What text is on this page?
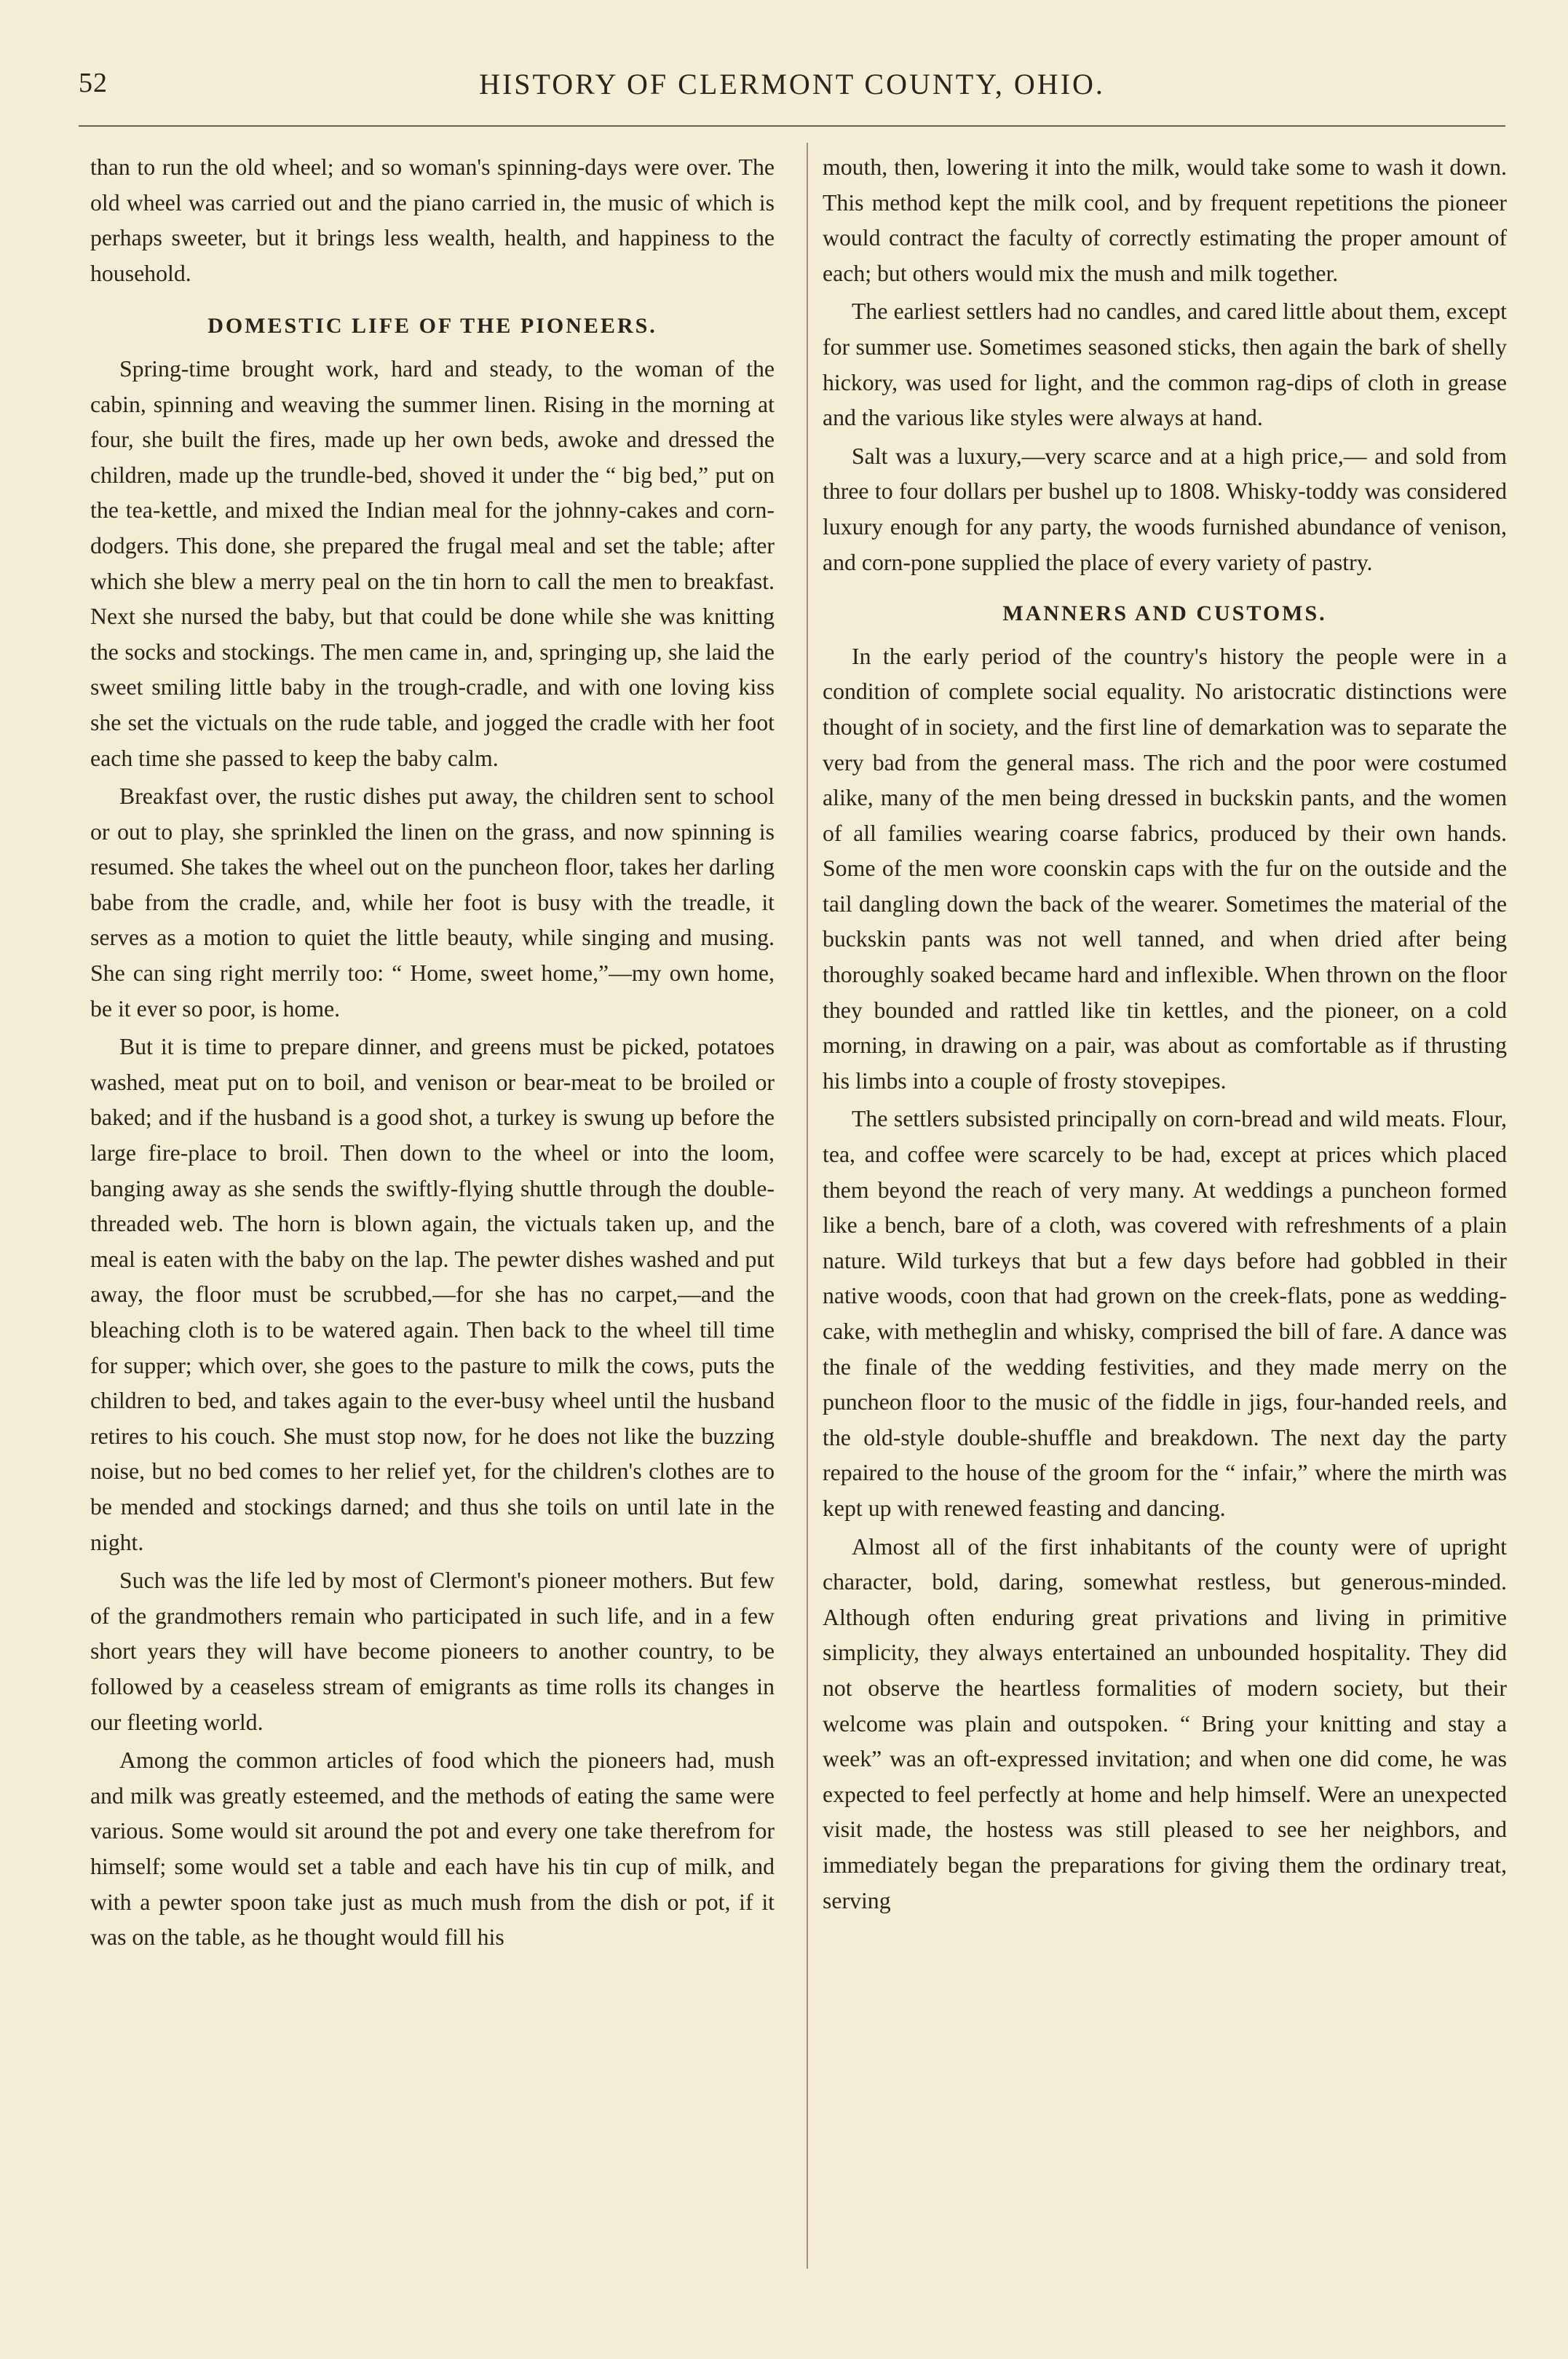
52	HISTORY OF CLERMONT COUNTY, OHIO.

than to run the old wheel; and so woman's spinning-days were over. The old wheel was carried out and the piano carried in, the music of which is perhaps sweeter, but it brings less wealth, health, and happiness to the household.

DOMESTIC LIFE OF THE PIONEERS.

Spring-time brought work, hard and steady, to the woman of the cabin, spinning and weaving the summer linen. Rising in the morning at four, she built the fires, made up her own beds, awoke and dressed the children, made up the trundle-bed, shoved it under the “ big bed,” put on the tea-kettle, and mixed the Indian meal for the johnny-cakes and corn-dodgers. This done, she prepared the frugal meal and set the table; after which she blew a merry peal on the tin horn to call the men to breakfast. Next she nursed the baby, but that could be done while she was knitting the socks and stockings. The men came in, and, springing up, she laid the sweet smiling little baby in the trough-cradle, and with one loving kiss she set the victuals on the rude table, and jogged the cradle with her foot each time she passed to keep the baby calm.

Breakfast over, the rustic dishes put away, the children sent to school or out to play, she sprinkled the linen on the grass, and now spinning is resumed. She takes the wheel out on the puncheon floor, takes her darling babe from the cradle, and, while her foot is busy with the treadle, it serves as a motion to quiet the little beauty, while singing and musing. She can sing right merrily too: “ Home, sweet home,”—my own home, be it ever so poor, is home.

But it is time to prepare dinner, and greens must be picked, potatoes washed, meat put on to boil, and venison or bear-meat to be broiled or baked; and if the husband is a good shot, a turkey is swung up before the large fire-place to broil. Then down to the wheel or into the loom, banging away as she sends the swiftly-flying shuttle through the double-threaded web. The horn is blown again, the victuals taken up, and the meal is eaten with the baby on the lap. The pewter dishes washed and put away, the floor must be scrubbed,—for she has no carpet,—and the bleaching cloth is to be watered again. Then back to the wheel till time for supper; which over, she goes to the pasture to milk the cows, puts the children to bed, and takes again to the ever-busy wheel until the husband retires to his couch. She must stop now, for he does not like the buzzing noise, but no bed comes to her relief yet, for the children's clothes are to be mended and stockings darned; and thus she toils on until late in the night.

Such was the life led by most of Clermont's pioneer mothers. But few of the grandmothers remain who participated in such life, and in a few short years they will have become pioneers to another country, to be followed by a ceaseless stream of emigrants as time rolls its changes in our fleeting world.

Among the common articles of food which the pioneers had, mush and milk was greatly esteemed, and the methods of eating the same were various. Some would sit around the pot and every one take therefrom for himself; some would set a table and each have his tin cup of milk, and with a pewter spoon take just as much mush from the dish or pot, if it was on the table, as he thought would fill his

mouth, then, lowering it into the milk, would take some to wash it down. This method kept the milk cool, and by frequent repetitions the pioneer would contract the faculty of correctly estimating the proper amount of each; but others would mix the mush and milk together.

The earliest settlers had no candles, and cared little about them, except for summer use. Sometimes seasoned sticks, then again the bark of shelly hickory, was used for light, and the common rag-dips of cloth in grease and the various like styles were always at hand.

Salt was a luxury,—very scarce and at a high price,— and sold from three to four dollars per bushel up to 1808. Whisky-toddy was considered luxury enough for any party, the woods furnished abundance of venison, and corn-pone supplied the place of every variety of pastry.

MANNERS AND CUSTOMS.

In the early period of the country's history the people were in a condition of complete social equality. No aristocratic distinctions were thought of in society, and the first line of demarkation was to separate the very bad from the general mass. The rich and the poor were costumed alike, many of the men being dressed in buckskin pants, and the women of all families wearing coarse fabrics, produced by their own hands. Some of the men wore coonskin caps with the fur on the outside and the tail dangling down the back of the wearer. Sometimes the material of the buckskin pants was not well tanned, and when dried after being thoroughly soaked became hard and inflexible. When thrown on the floor they bounded and rattled like tin kettles, and the pioneer, on a cold morning, in drawing on a pair, was about as comfortable as if thrusting his limbs into a couple of frosty stovepipes.

The settlers subsisted principally on corn-bread and wild meats. Flour, tea, and coffee were scarcely to be had, except at prices which placed them beyond the reach of very many. At weddings a puncheon formed like a bench, bare of a cloth, was covered with refreshments of a plain nature. Wild turkeys that but a few days before had gobbled in their native woods, coon that had grown on the creek-flats, pone as wedding-cake, with metheglin and whisky, comprised the bill of fare. A dance was the finale of the wedding festivities, and they made merry on the puncheon floor to the music of the fiddle in jigs, four-handed reels, and the old-style double-shuffle and breakdown. The next day the party repaired to the house of the groom for the “ infair,” where the mirth was kept up with renewed feasting and dancing.

Almost all of the first inhabitants of the county were of upright character, bold, daring, somewhat restless, but generous-minded. Although often enduring great privations and living in primitive simplicity, they always entertained an unbounded hospitality. They did not observe the heartless formalities of modern society, but their welcome was plain and outspoken. “ Bring your knitting and stay a week” was an oft-expressed invitation; and when one did come, he was expected to feel perfectly at home and help himself. Were an unexpected visit made, the hostess was still pleased to see her neighbors, and immediately began the preparations for giving them the ordinary treat, serving
